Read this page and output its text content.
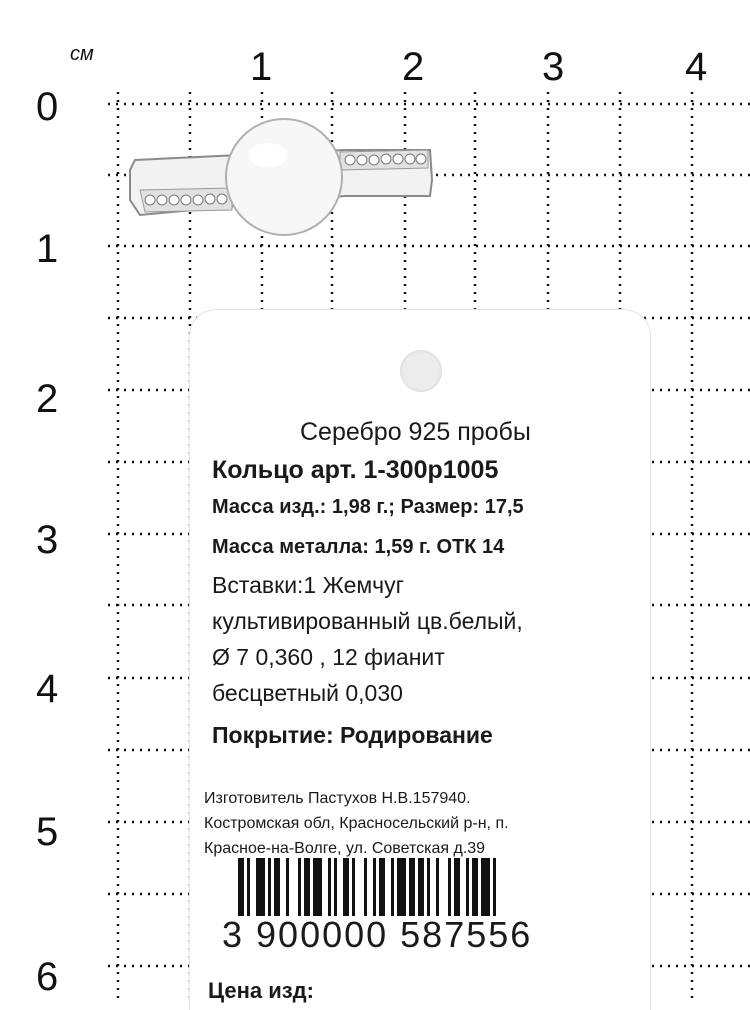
см	1	2	3	4
0
1
2
3
4
5
6
Серебро 925 пробы
Кольцо арт. 1-300р1005
Масса изд.: 1,98 г.; Размер: 17,5
Масса металла: 1,59 г. ОТК 14
Вставки:1 Жемчуг
культивированный цв.белый,
Ø 7 0,360 , 12 фианит
бесцветный 0,030
Покрытие: Родирование
Изготовитель Пастухов Н.В.157940.
Костромская обл, Красносельский р-н, п.
Красное-на-Волге, ул. Советская д.39
3 900000 587556
Цена изд:
